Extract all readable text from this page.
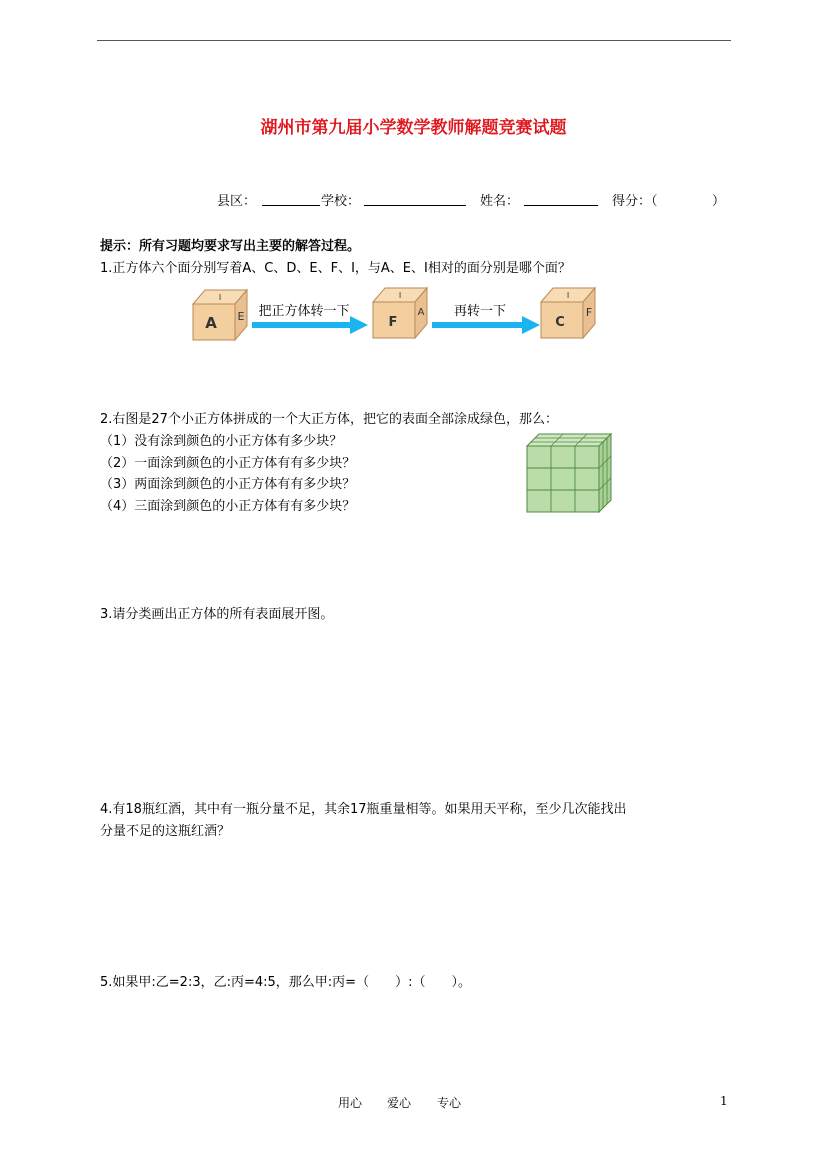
湖州市第九届小学数学教师解题竞赛试题
县区：	学校：	姓名：	得分：（	）
提示：所有习题均要求写出主要的解答过程。
1.正方体六个面分别写着A、C、D、E、F、I，与A、E、I相对的面分别是哪个面？
A E
I
把正方体转一下
F
A
I
再转一下
C
F
I
2.右图是27个小正方体拼成的一个大正方体，把它的表面全部涂成绿色，那么：
（1）没有涂到颜色的小正方体有多少块？
（2）一面涂到颜色的小正方体有有多少块？
（3）两面涂到颜色的小正方体有有多少块？
（4）三面涂到颜色的小正方体有有多少块？
3.请分类画出正方体的所有表面展开图。
4.有18瓶红酒，其中有一瓶分量不足，其余17瓶重量相等。如果用天平称，至少几次能找出
分量不足的这瓶红酒？
5.如果甲:乙=2:3，乙:丙=4:5，那么甲:丙=（　　）:（　　）。
用心 爱心 专心	1
